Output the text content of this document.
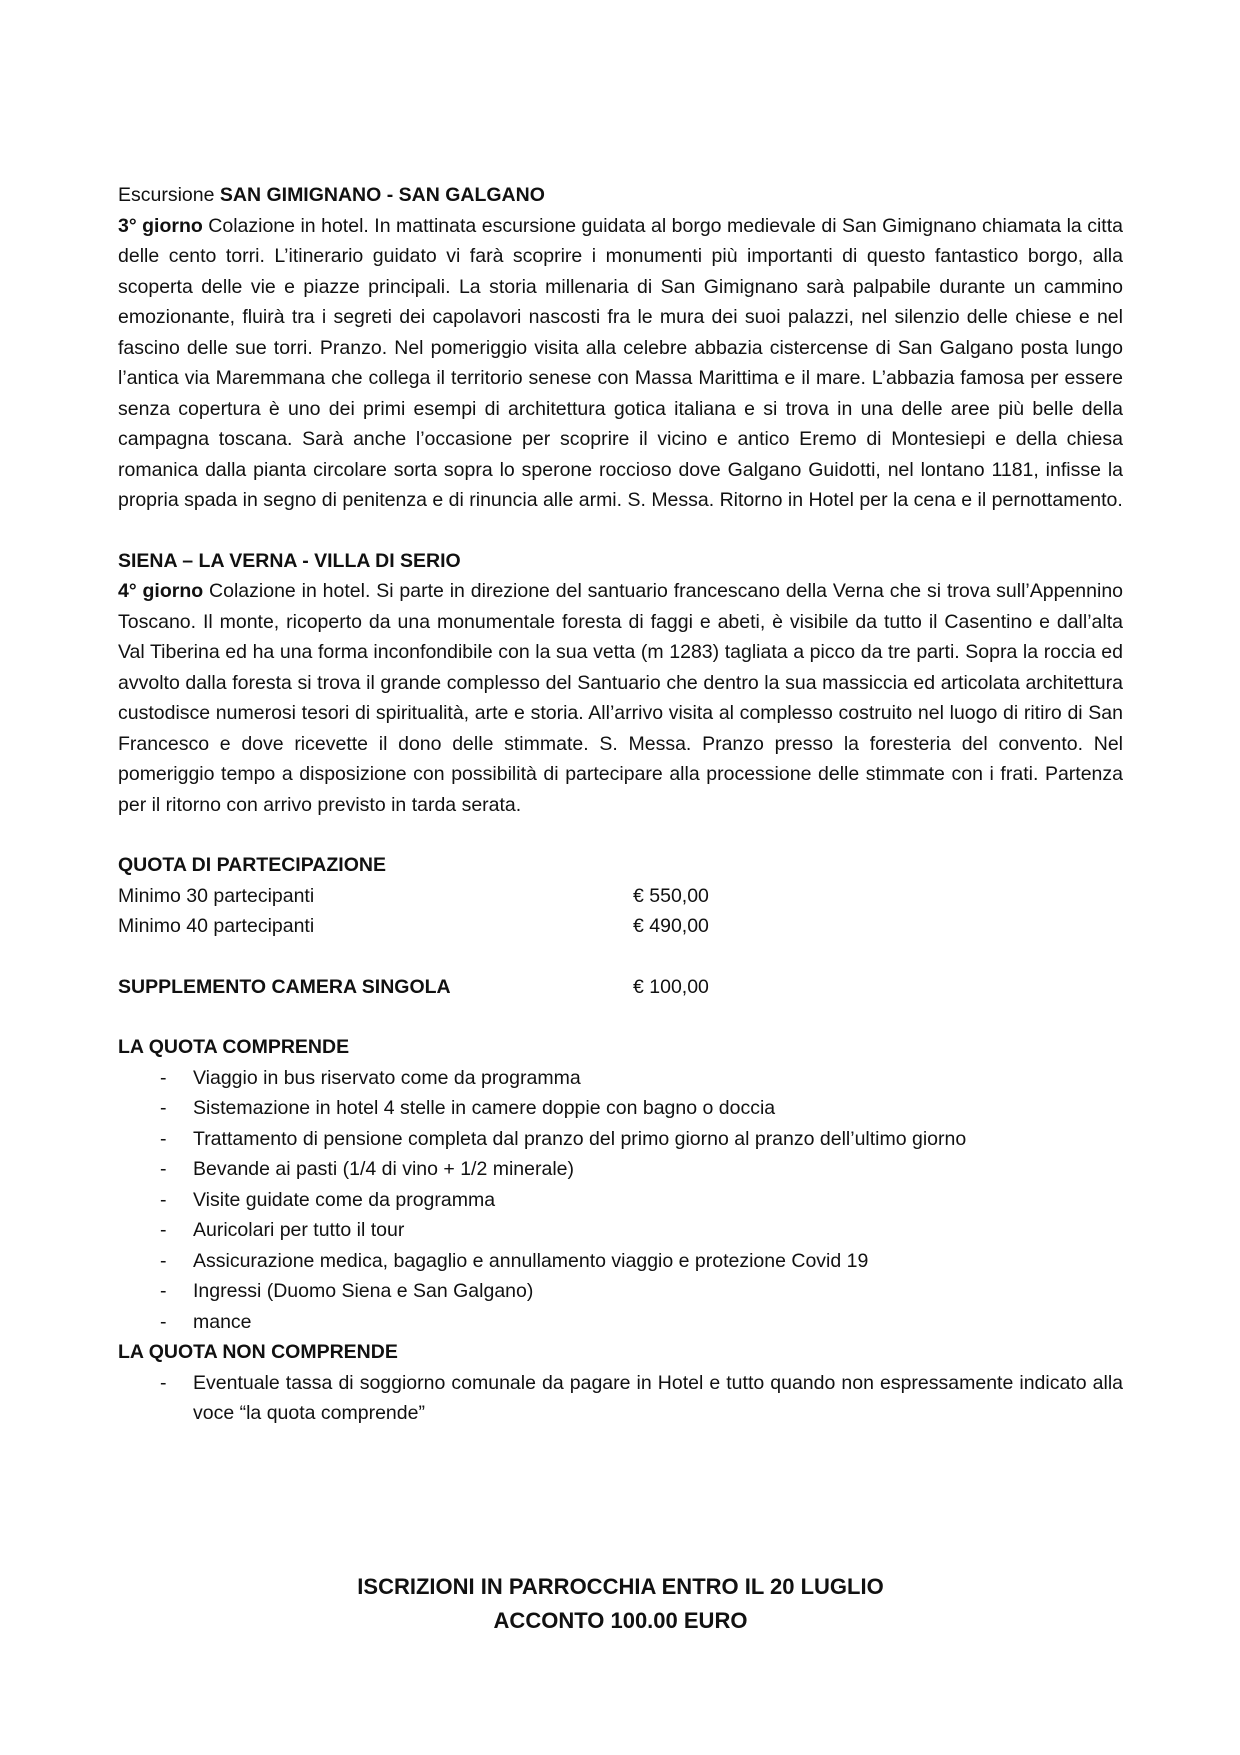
Escursione SAN GIMIGNANO - SAN GALGANO

3° giorno Colazione in hotel. In mattinata escursione guidata al borgo medievale di San Gimignano chiamata la citta delle cento torri. L’itinerario guidato vi farà scoprire i monumenti più importanti di questo fantastico borgo, alla scoperta delle vie e piazze principali. La storia millenaria di San Gimignano sarà palpabile durante un cammino emozionante, fluirà tra i segreti dei capolavori nascosti fra le mura dei suoi palazzi, nel silenzio delle chiese e nel fascino delle sue torri. Pranzo. Nel pomeriggio visita alla celebre abbazia cistercense di San Galgano posta lungo l’antica via Maremmana che collega il territorio senese con Massa Marittima e il mare. L’abbazia famosa per essere senza copertura è uno dei primi esempi di architettura gotica italiana e si trova in una delle aree più belle della campagna toscana. Sarà anche l’occasione per scoprire il vicino e antico Eremo di Montesiepi e della chiesa romanica dalla pianta circolare sorta sopra lo sperone roccioso dove Galgano Guidotti, nel lontano 1181, infisse la propria spada in segno di penitenza e di rinuncia alle armi. S. Messa. Ritorno in Hotel per la cena e il pernottamento.

SIENA – LA VERNA - VILLA DI SERIO

4° giorno Colazione in hotel. Si parte in direzione del santuario francescano della Verna che si trova sull’Appennino Toscano. Il monte, ricoperto da una monumentale foresta di faggi e abeti, è visibile da tutto il Casentino e dall’alta Val Tiberina ed ha una forma inconfondibile con la sua vetta (m 1283) tagliata a picco da tre parti. Sopra la roccia ed avvolto dalla foresta si trova il grande complesso del Santuario che dentro la sua massiccia ed articolata architettura custodisce numerosi tesori di spiritualità, arte e storia. All’arrivo visita al complesso costruito nel luogo di ritiro di San Francesco e dove ricevette il dono delle stimmate. S. Messa. Pranzo presso la foresteria del convento. Nel pomeriggio tempo a disposizione con possibilità di partecipare alla processione delle stimmate con i frati. Partenza per il ritorno con arrivo previsto in tarda serata.

QUOTA DI PARTECIPAZIONE
Minimo 30 partecipanti	€ 550,00
Minimo 40 partecipanti	€ 490,00
SUPPLEMENTO CAMERA SINGOLA	€ 100,00
LA QUOTA COMPRENDE
- Viaggio in bus riservato come da programma
- Sistemazione in hotel 4 stelle in camere doppie con bagno o doccia
- Trattamento di pensione completa dal pranzo del primo giorno al pranzo dell’ultimo giorno
- Bevande ai pasti (1/4 di vino + 1/2 minerale)
- Visite guidate come da programma
- Auricolari per tutto il tour
- Assicurazione medica, bagaglio e annullamento viaggio e protezione Covid 19
- Ingressi (Duomo Siena e San Galgano)
- mance
LA QUOTA NON COMPRENDE
- Eventuale tassa di soggiorno comunale da pagare in Hotel e tutto quando non espressamente indicato alla voce “la quota comprende”

ISCRIZIONI IN PARROCCHIA ENTRO IL 20 LUGLIO

ACCONTO 100.00 EURO
